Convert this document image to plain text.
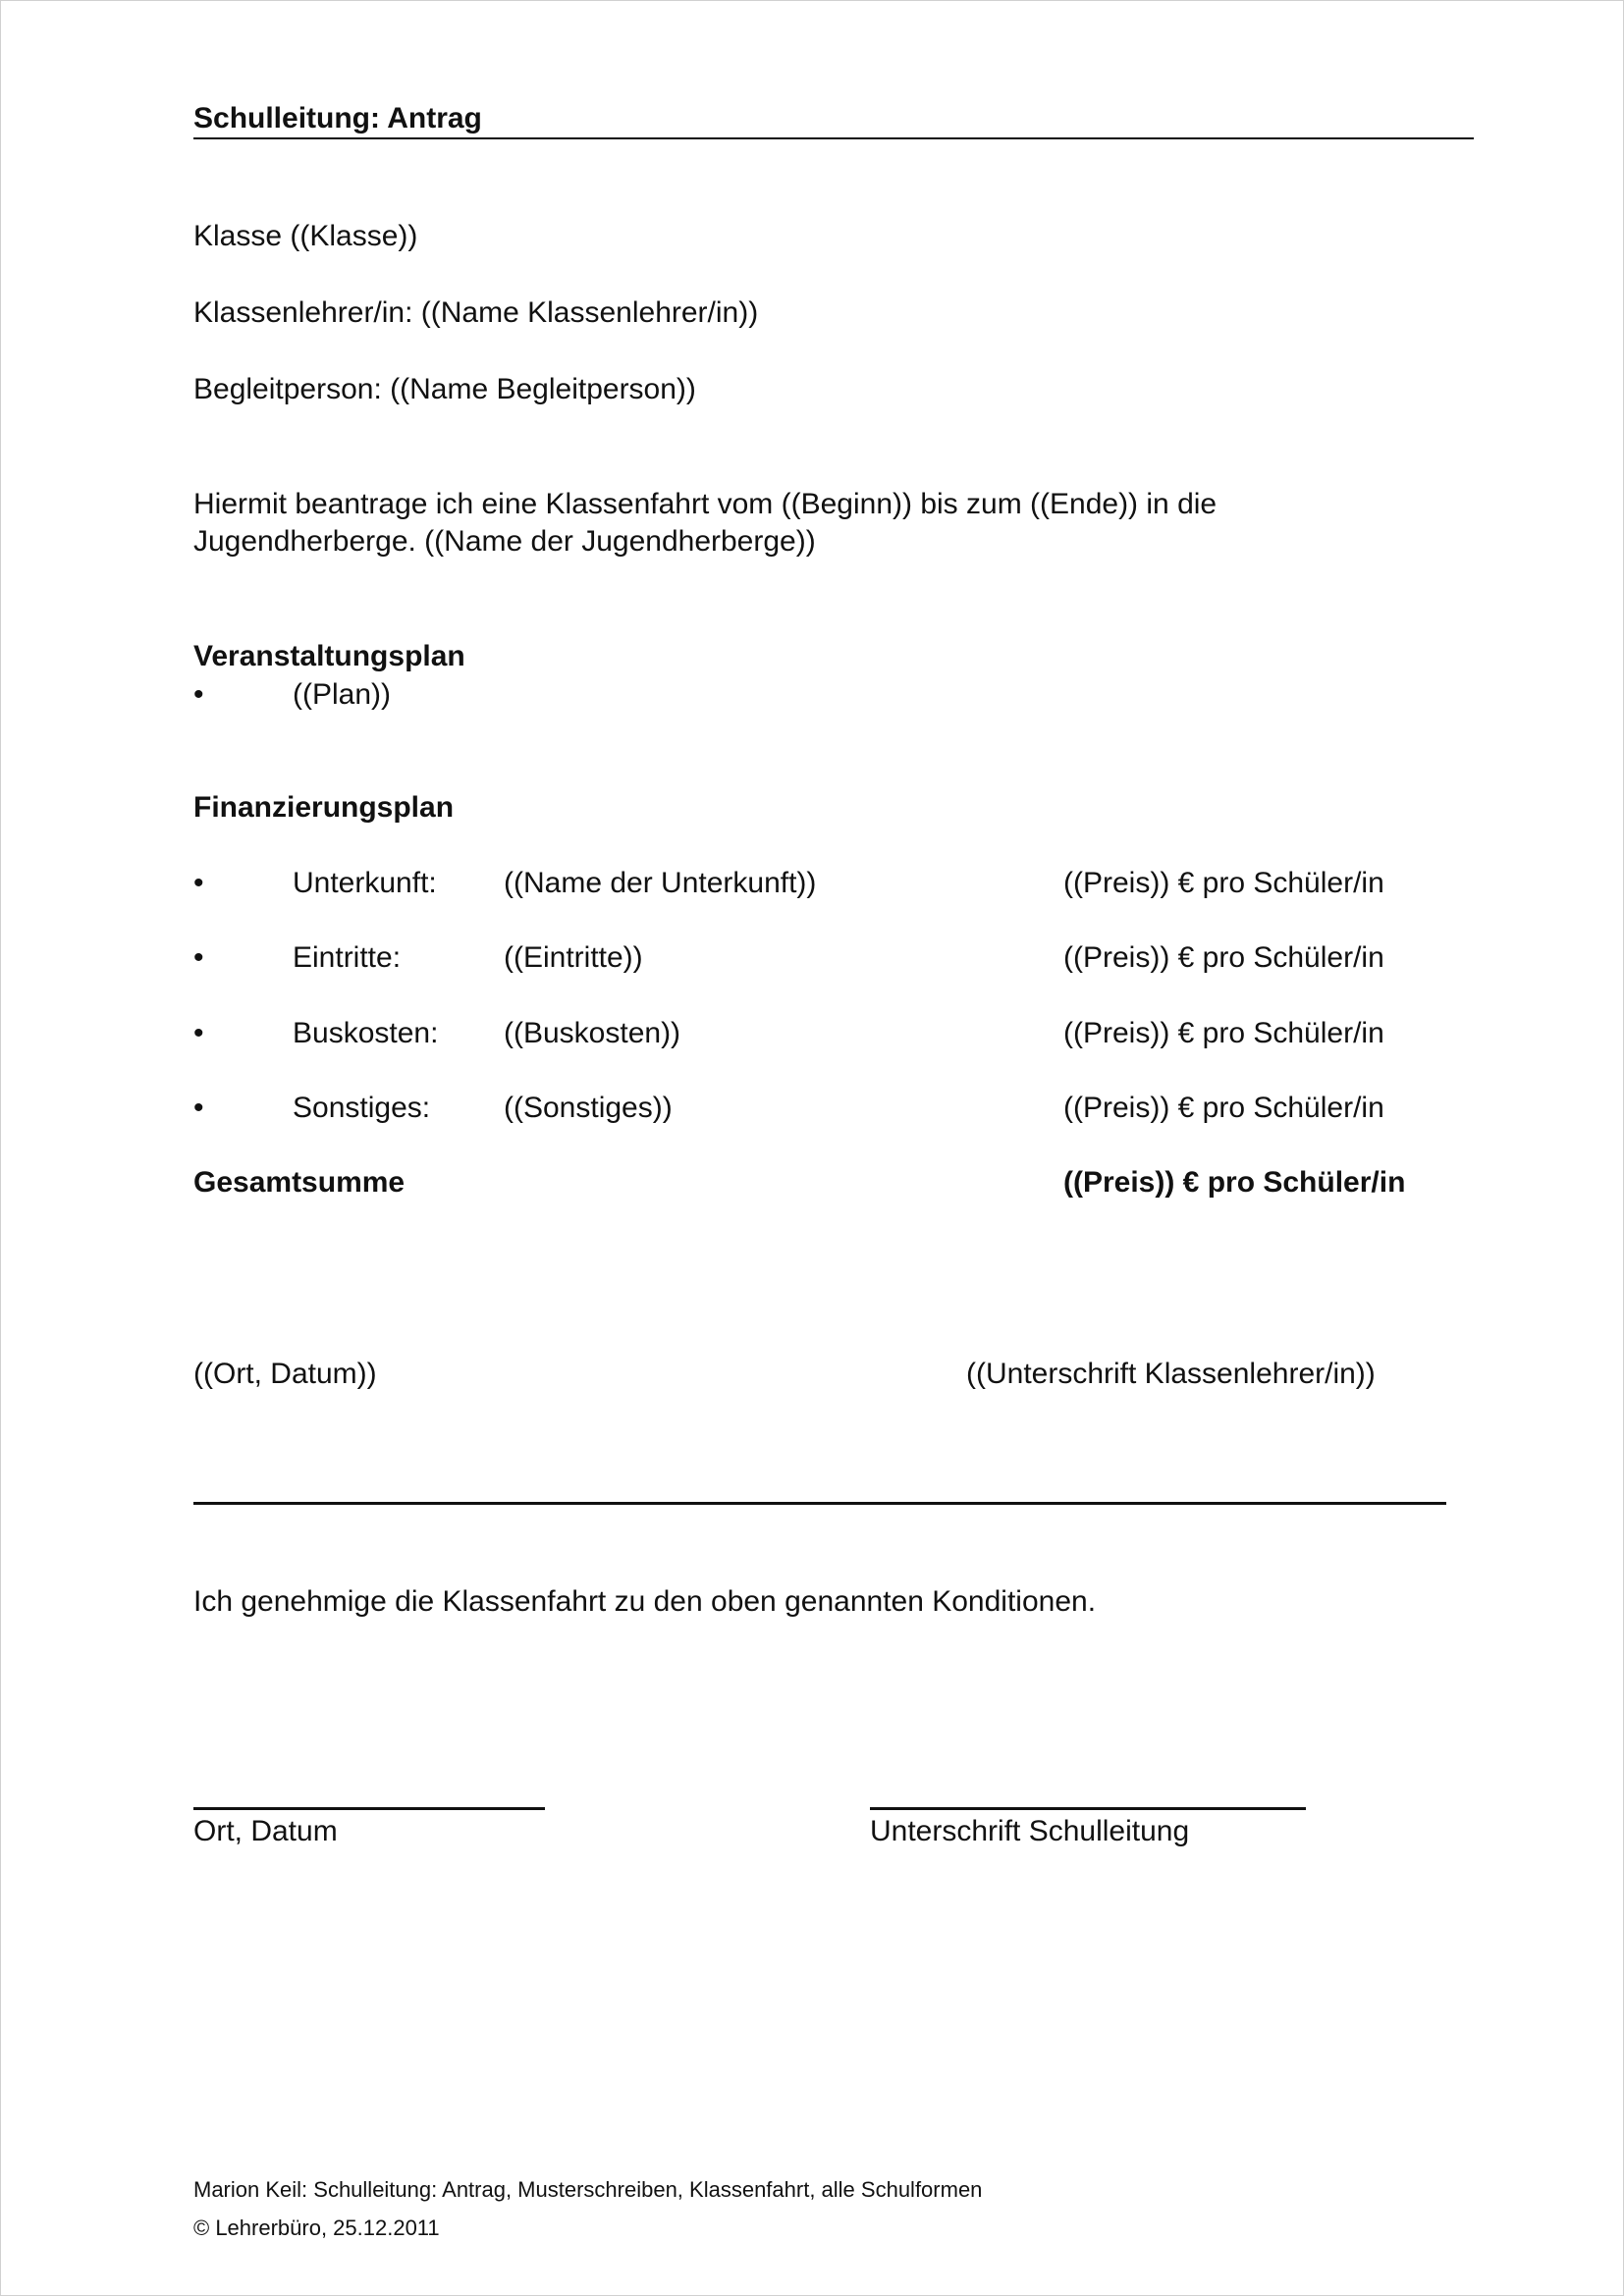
Schulleitung: Antrag
Klasse ((Klasse))
Klassenlehrer/in: ((Name Klassenlehrer/in))
Begleitperson: ((Name Begleitperson))
Hiermit beantrage ich eine Klassenfahrt vom ((Beginn)) bis zum ((Ende)) in die
Jugendherberge. ((Name der Jugendherberge))
Veranstaltungsplan
•	((Plan))
Finanzierungsplan
•	Unterkunft: ((Name der Unterkunft))	((Preis)) € pro Schüler/in
•	Eintritte:	((Eintritte))	((Preis)) € pro Schüler/in
•	Buskosten: ((Buskosten))	((Preis)) € pro Schüler/in
•	Sonstiges: ((Sonstiges))	((Preis)) € pro Schüler/in
Gesamtsumme	((Preis)) € pro Schüler/in
((Ort, Datum))	((Unterschrift Klassenlehrer/in))
Ich genehmige die Klassenfahrt zu den oben genannten Konditionen.
Ort, Datum	Unterschrift Schulleitung
Marion Keil: Schulleitung: Antrag, Musterschreiben, Klassenfahrt, alle Schulformen
© Lehrerbüro, 25.12.2011
